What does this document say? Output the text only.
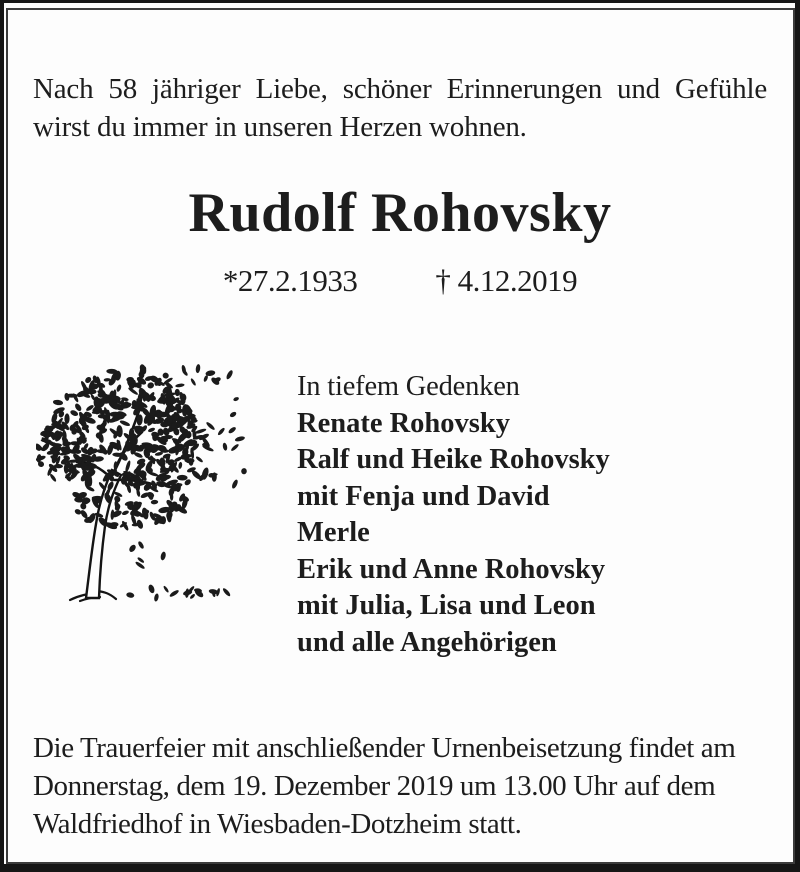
Nach 58 jähriger Liebe, schöner Erinnerungen und Gefühle
wirst du immer in unseren Herzen wohnen.
Rudolf Rohovsky
*27.2.1933	† 4.12.2019
In tiefem Gedenken
Renate Rohovsky
Ralf und Heike Rohovsky
mit Fenja und David
Merle
Erik und Anne Rohovsky
mit Julia, Lisa und Leon
und alle Angehörigen
Die Trauerfeier mit anschließender Urnenbeisetzung findet am
Donnerstag, dem 19. Dezember 2019 um 13.00 Uhr auf dem
Waldfriedhof in Wiesbaden-Dotzheim statt.
